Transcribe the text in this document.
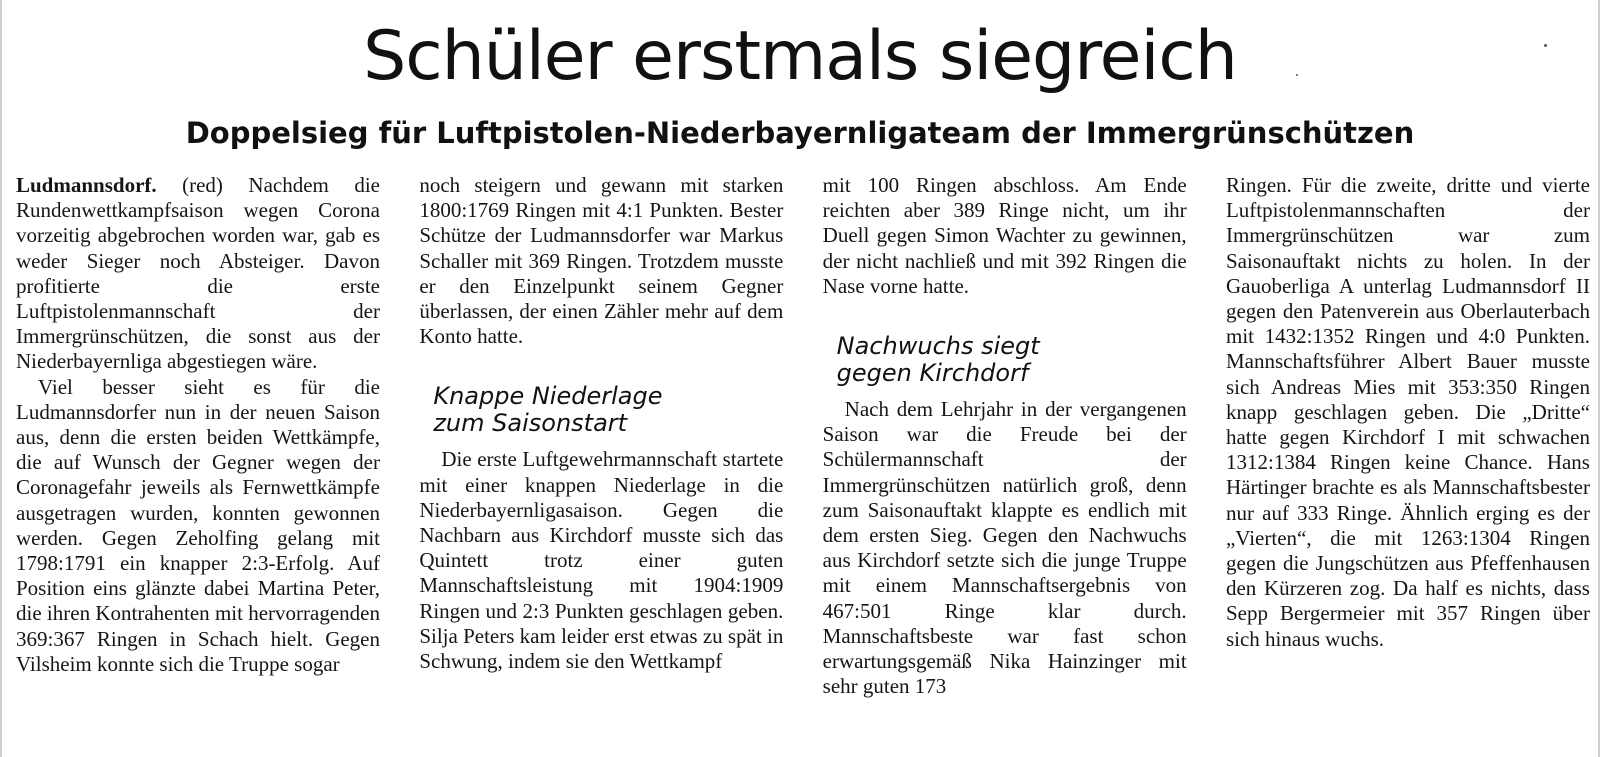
Schüler erstmals siegreich
Doppelsieg für Luftpistolen-Niederbayernligateam der Immergrünschützen

Ludmannsdorf. (red) Nachdem die Rundenwettkampfsaison wegen Corona vorzeitig abgebrochen worden war, gab es weder Sieger noch Absteiger. Davon profitierte die erste Luftpistolenmannschaft der Immergrünschützen, die sonst aus der Niederbayernliga abgestiegen wäre.

Viel besser sieht es für die Ludmannsdorfer nun in der neuen Saison aus, denn die ersten beiden Wettkämpfe, die auf Wunsch der Gegner wegen der Coronagefahr jeweils als Fernwettkämpfe ausgetragen wurden, konnten gewonnen werden. Gegen Zeholfing gelang mit 1798:1791 ein knapper 2:3-Erfolg. Auf Position eins glänzte dabei Martina Peter, die ihren Kontrahenten mit hervorragenden 369:367 Ringen in Schach hielt. Gegen Vilsheim konnte sich die Truppe sogar

noch steigern und gewann mit starken 1800:1769 Ringen mit 4:1 Punkten. Bester Schütze der Ludmannsdorfer war Markus Schaller mit 369 Ringen. Trotzdem musste er den Einzelpunkt seinem Gegner überlassen, der einen Zähler mehr auf dem Konto hatte.

Knappe Niederlage
zum Saisonstart

Die erste Luftgewehrmannschaft startete mit einer knappen Niederlage in die Niederbayernligasaison. Gegen die Nachbarn aus Kirchdorf musste sich das Quintett trotz einer guten Mannschaftsleistung mit 1904:1909 Ringen und 2:3 Punkten geschlagen geben. Silja Peters kam leider erst etwas zu spät in Schwung, indem sie den Wettkampf

mit 100 Ringen abschloss. Am Ende reichten aber 389 Ringe nicht, um ihr Duell gegen Simon Wachter zu gewinnen, der nicht nachließ und mit 392 Ringen die Nase vorne hatte.

Nachwuchs siegt
gegen Kirchdorf

Nach dem Lehrjahr in der vergangenen Saison war die Freude bei der Schülermannschaft der Immergrünschützen natürlich groß, denn zum Saisonauftakt klappte es endlich mit dem ersten Sieg. Gegen den Nachwuchs aus Kirchdorf setzte sich die junge Truppe mit einem Mannschaftsergebnis von 467:501 Ringe klar durch. Mannschaftsbeste war fast schon erwartungsgemäß Nika Hainzinger mit sehr guten 173

Ringen. Für die zweite, dritte und vierte Luftpistolenmannschaften der Immergrünschützen war zum Saisonauftakt nichts zu holen. In der Gauoberliga A unterlag Ludmannsdorf II gegen den Patenverein aus Oberlauterbach mit 1432:1352 Ringen und 4:0 Punkten. Mannschaftsführer Albert Bauer musste sich Andreas Mies mit 353:350 Ringen knapp geschlagen geben. Die „Dritte“ hatte gegen Kirchdorf I mit schwachen 1312:1384 Ringen keine Chance. Hans Härtinger brachte es als Mannschaftsbester nur auf 333 Ringe. Ähnlich erging es der „Vierten“, die mit 1263:1304 Ringen gegen die Jungschützen aus Pfeffenhausen den Kürzeren zog. Da half es nichts, dass Sepp Bergermeier mit 357 Ringen über sich hinaus wuchs.
